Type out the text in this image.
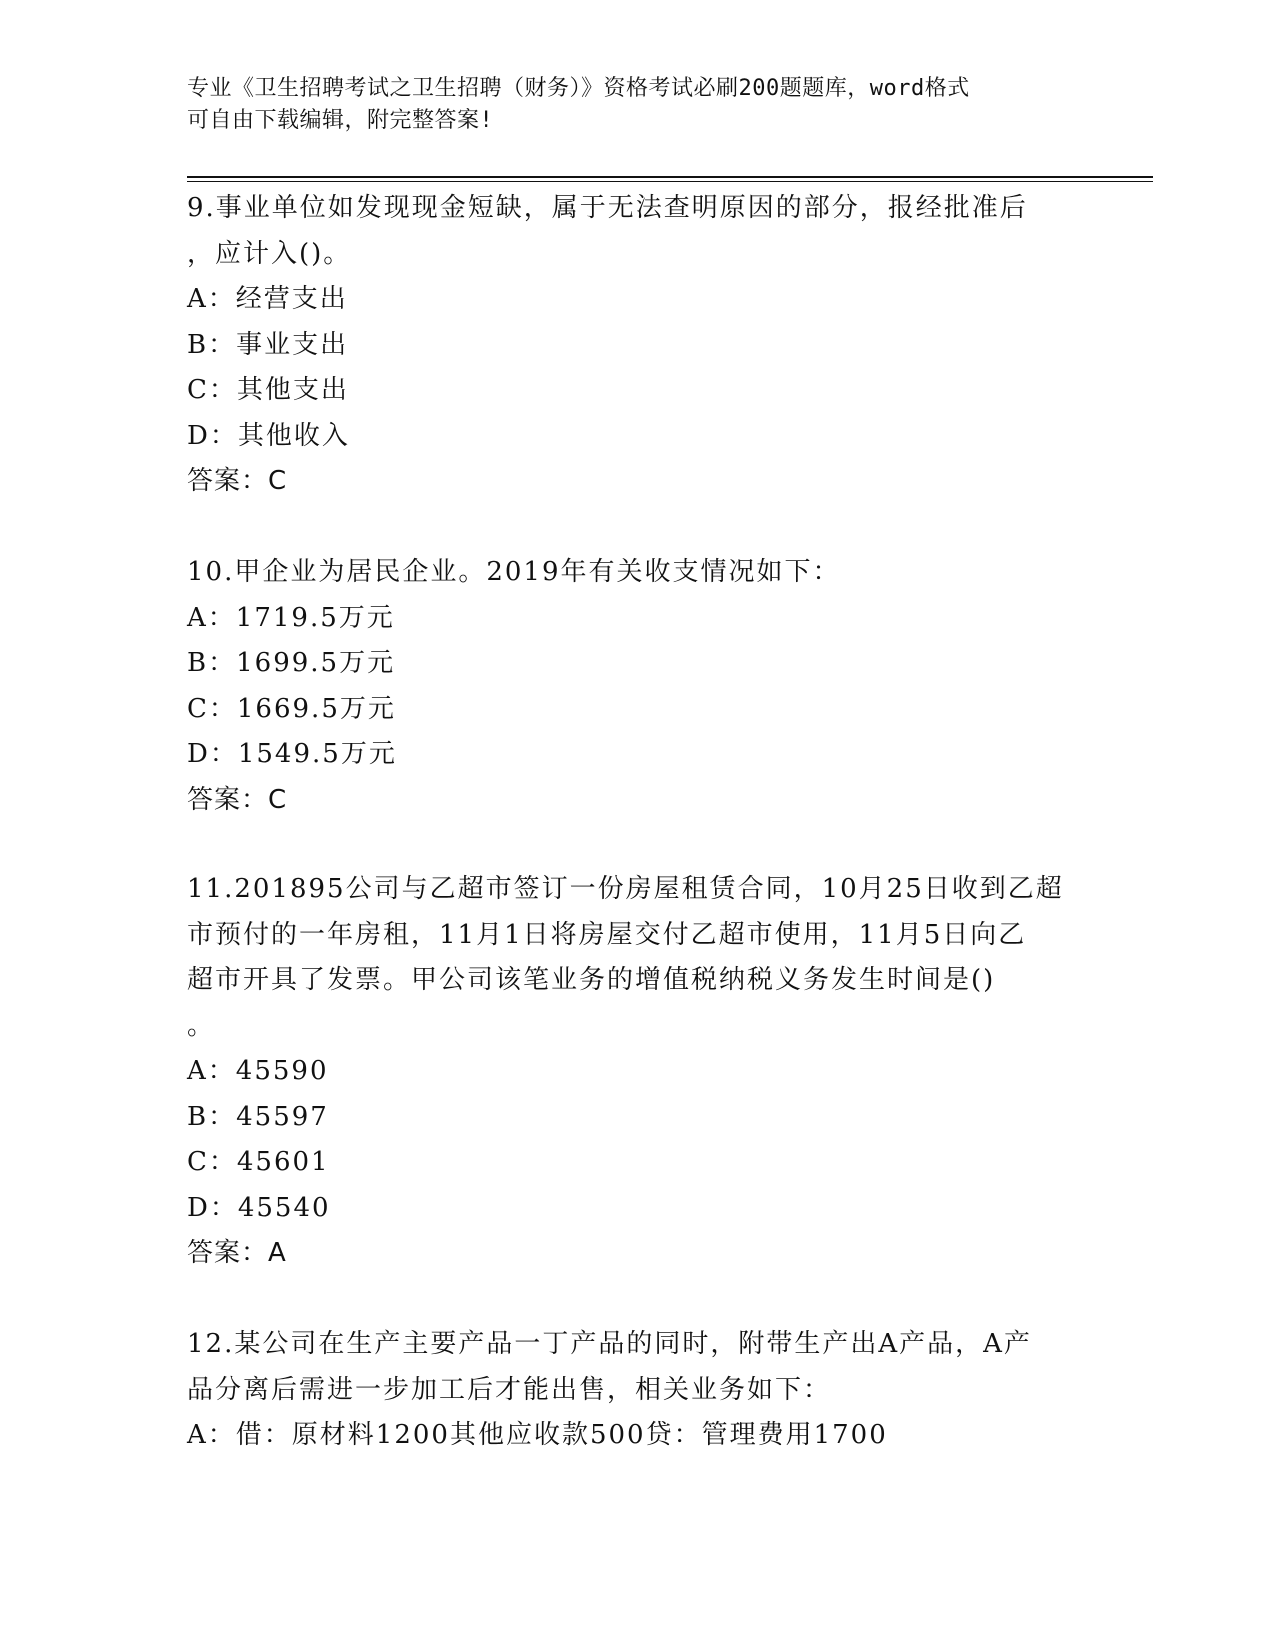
专业《卫生招聘考试之卫生招聘（财务）》资格考试必刷200题题库，word格式
可自由下载编辑，附完整答案!
9.事业单位如发现现金短缺，属于无法查明原因的部分，报经批准后
，应计入()。
A：经营支出
B：事业支出
C：其他支出
D：其他收入
答案：C
10.甲企业为居民企业。2019年有关收支情况如下：
A：1719.5万元
B：1699.5万元
C：1669.5万元
D：1549.5万元
答案：C
11.201895公司与乙超市签订一份房屋租赁合同，10月25日收到乙超
市预付的一年房租，11月1日将房屋交付乙超市使用，11月5日向乙
超市开具了发票。甲公司该笔业务的增值税纳税义务发生时间是()
。
A：45590
B：45597
C：45601
D：45540
答案：A
12.某公司在生产主要产品一丁产品的同时，附带生产出A产品，A产
品分离后需进一步加工后才能出售，相关业务如下：
A：借：原材料1200其他应收款500贷：管理费用1700
